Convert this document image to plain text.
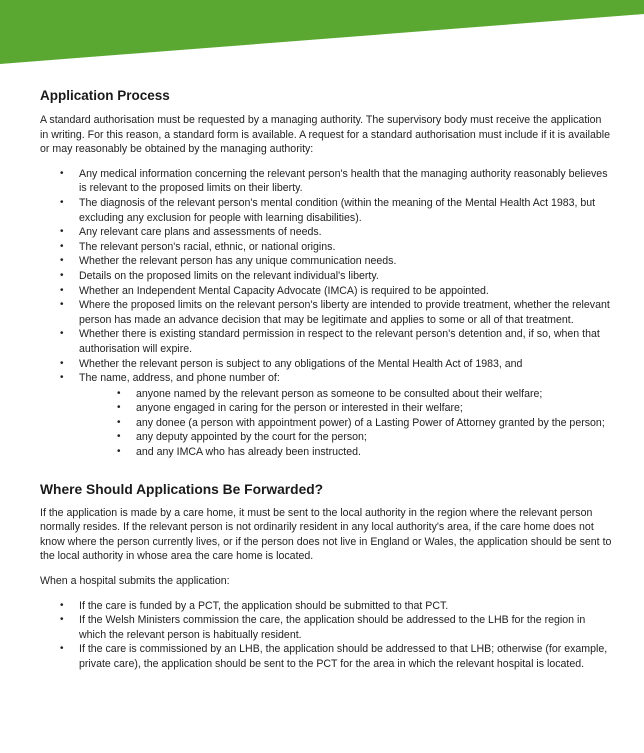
Application Process

A standard authorisation must be requested by a managing authority. The supervisory body must receive the application in writing. For this reason, a standard form is available. A request for a standard authorisation must include if it is available or may reasonably be obtained by the managing authority:

• Any medical information concerning the relevant person's health that the managing authority reasonably believes is relevant to the proposed limits on their liberty.
• The diagnosis of the relevant person's mental condition (within the meaning of the Mental Health Act 1983, but excluding any exclusion for people with learning disabilities).
• Any relevant care plans and assessments of needs.
• The relevant person's racial, ethnic, or national origins.
• Whether the relevant person has any unique communication needs.
• Details on the proposed limits on the relevant individual's liberty.
• Whether an Independent Mental Capacity Advocate (IMCA) is required to be appointed.
• Where the proposed limits on the relevant person's liberty are intended to provide treatment, whether the relevant person has made an advance decision that may be legitimate and applies to some or all of that treatment.
• Whether there is existing standard permission in respect to the relevant person's detention and, if so, when that authorisation will expire.
• Whether the relevant person is subject to any obligations of the Mental Health Act of 1983, and
• The name, address, and phone number of:
• anyone named by the relevant person as someone to be consulted about their welfare;
• anyone engaged in caring for the person or interested in their welfare;
• any donee (a person with appointment power) of a Lasting Power of Attorney granted by the person;
• any deputy appointed by the court for the person;
• and any IMCA who has already been instructed.
Where Should Applications Be Forwarded?

If the application is made by a care home, it must be sent to the local authority in the region where the relevant person normally resides. If the relevant person is not ordinarily resident in any local authority's area, if the care home does not know where the person currently lives, or if the person does not live in England or Wales, the application should be sent to the local authority in whose area the care home is located.

When a hospital submits the application:

• If the care is funded by a PCT, the application should be submitted to that PCT.
• If the Welsh Ministers commission the care, the application should be addressed to the LHB for the region in which the relevant person is habitually resident.
• If the care is commissioned by an LHB, the application should be addressed to that LHB; otherwise (for example, private care), the application should be sent to the PCT for the area in which the relevant hospital is located.
